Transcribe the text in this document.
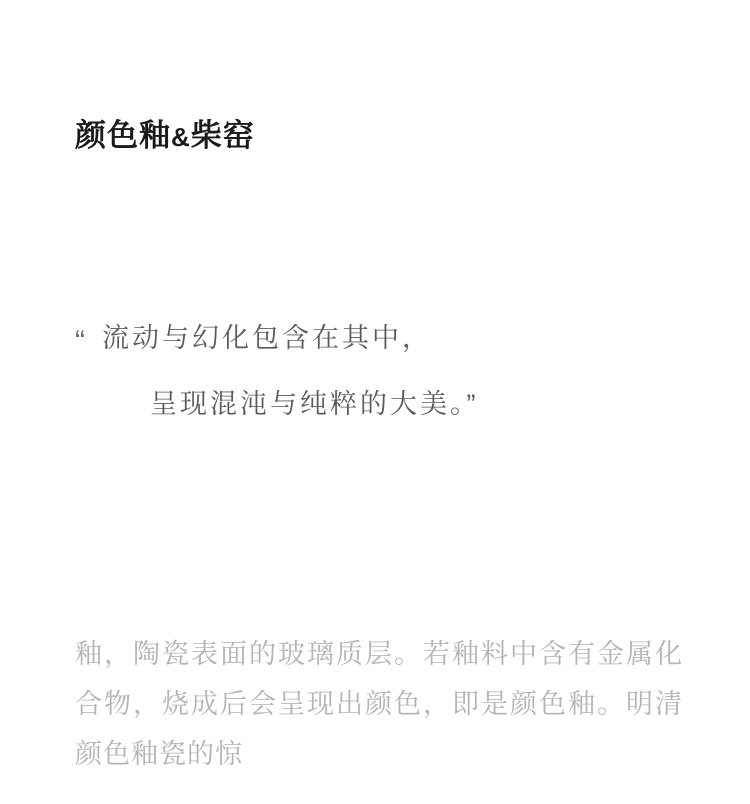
颜色釉&柴窑
“ 流动与幻化包含在其中，
呈现混沌与纯粹的大美。”
釉，陶瓷表面的玻璃质层。若釉料中含有金属化合物，烧成后会呈现出颜色，即是颜色釉。明清颜色釉瓷的惊
